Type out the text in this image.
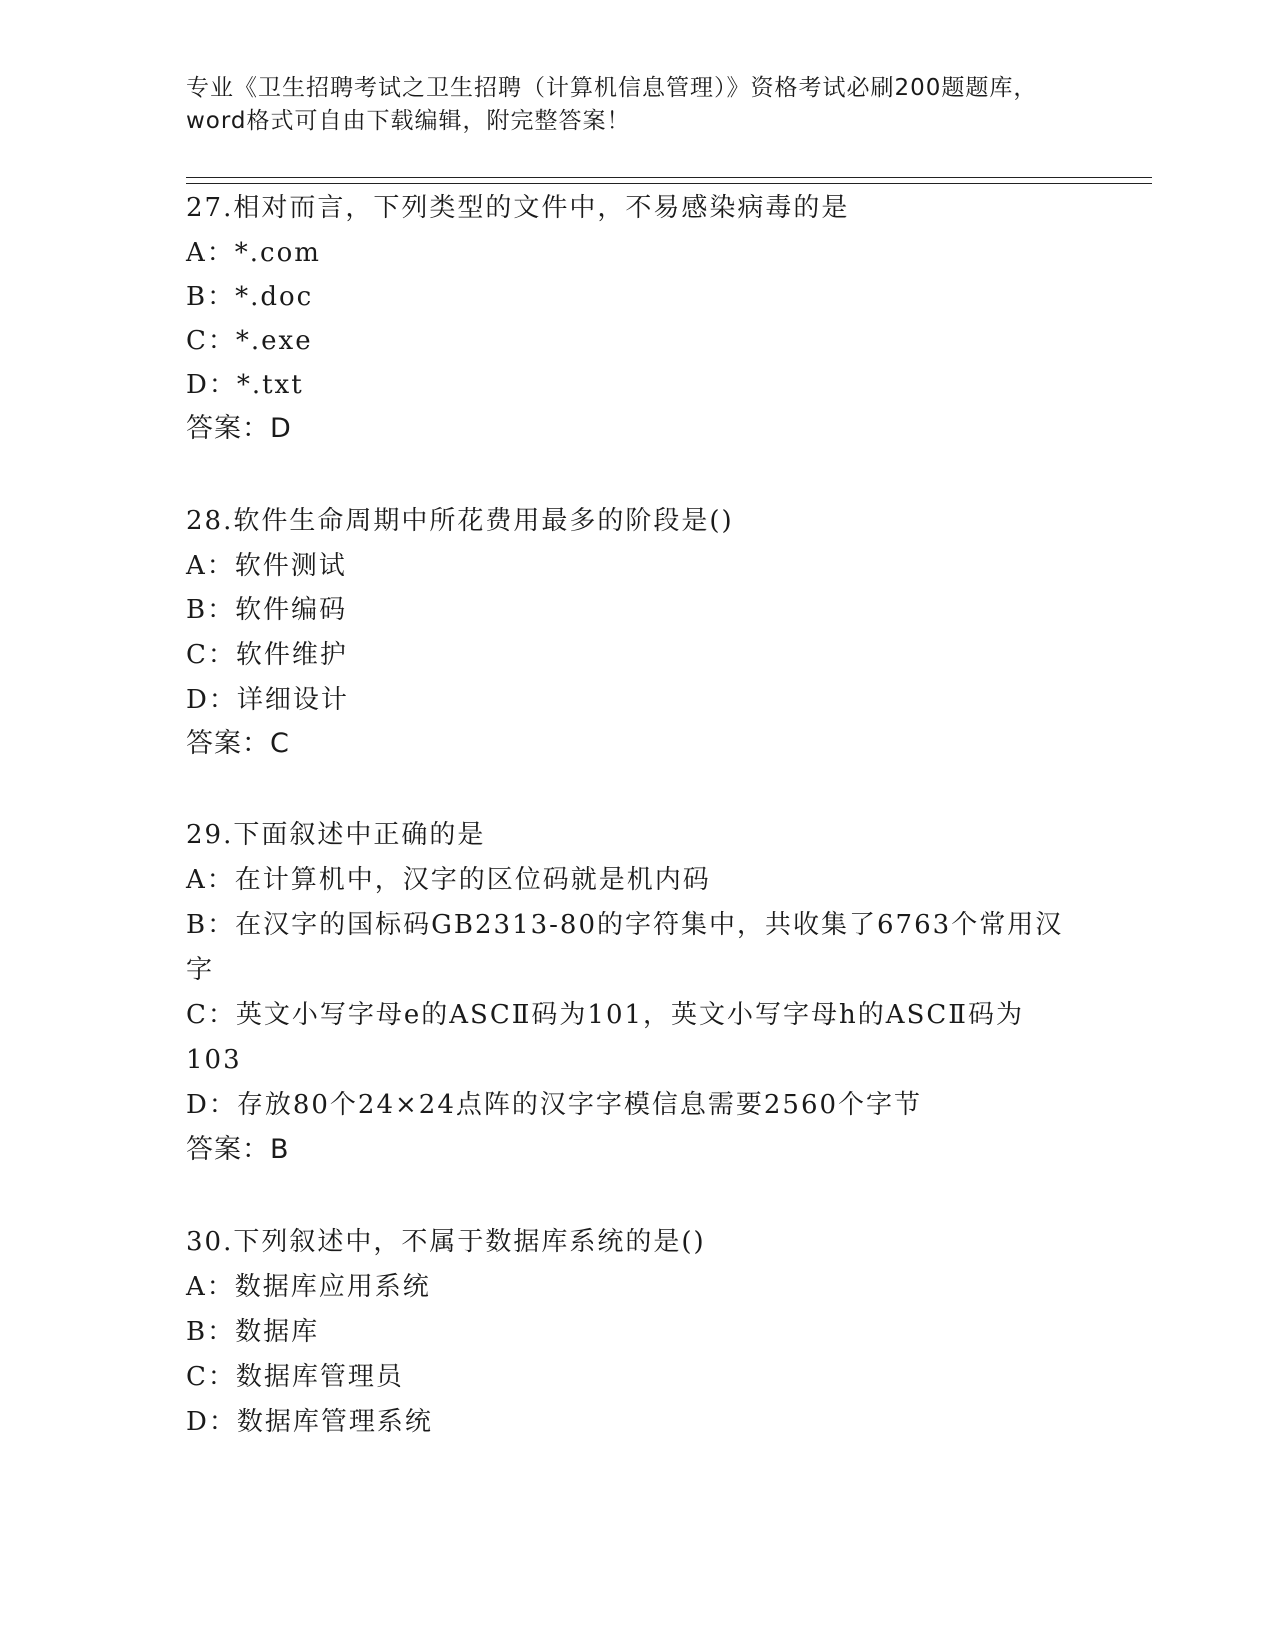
专业《卫生招聘考试之卫生招聘（计算机信息管理）》资格考试必刷200题题库，
word格式可自由下载编辑，附完整答案！
27.相对而言，下列类型的文件中，不易感染病毒的是
A：*.com
B：*.doc
C：*.exe
D：*.txt
答案：D
28.软件生命周期中所花费用最多的阶段是()
A：软件测试
B：软件编码
C：软件维护
D：详细设计
答案：C
29.下面叙述中正确的是
A：在计算机中，汉字的区位码就是机内码
B：在汉字的国标码GB2313-80的字符集中，共收集了6763个常用汉
字
C：英文小写字母e的ASCⅡ码为101，英文小写字母h的ASCⅡ码为
103
D：存放80个24×24点阵的汉字字模信息需要2560个字节
答案：B
30.下列叙述中，不属于数据库系统的是()
A：数据库应用系统
B：数据库
C：数据库管理员
D：数据库管理系统
